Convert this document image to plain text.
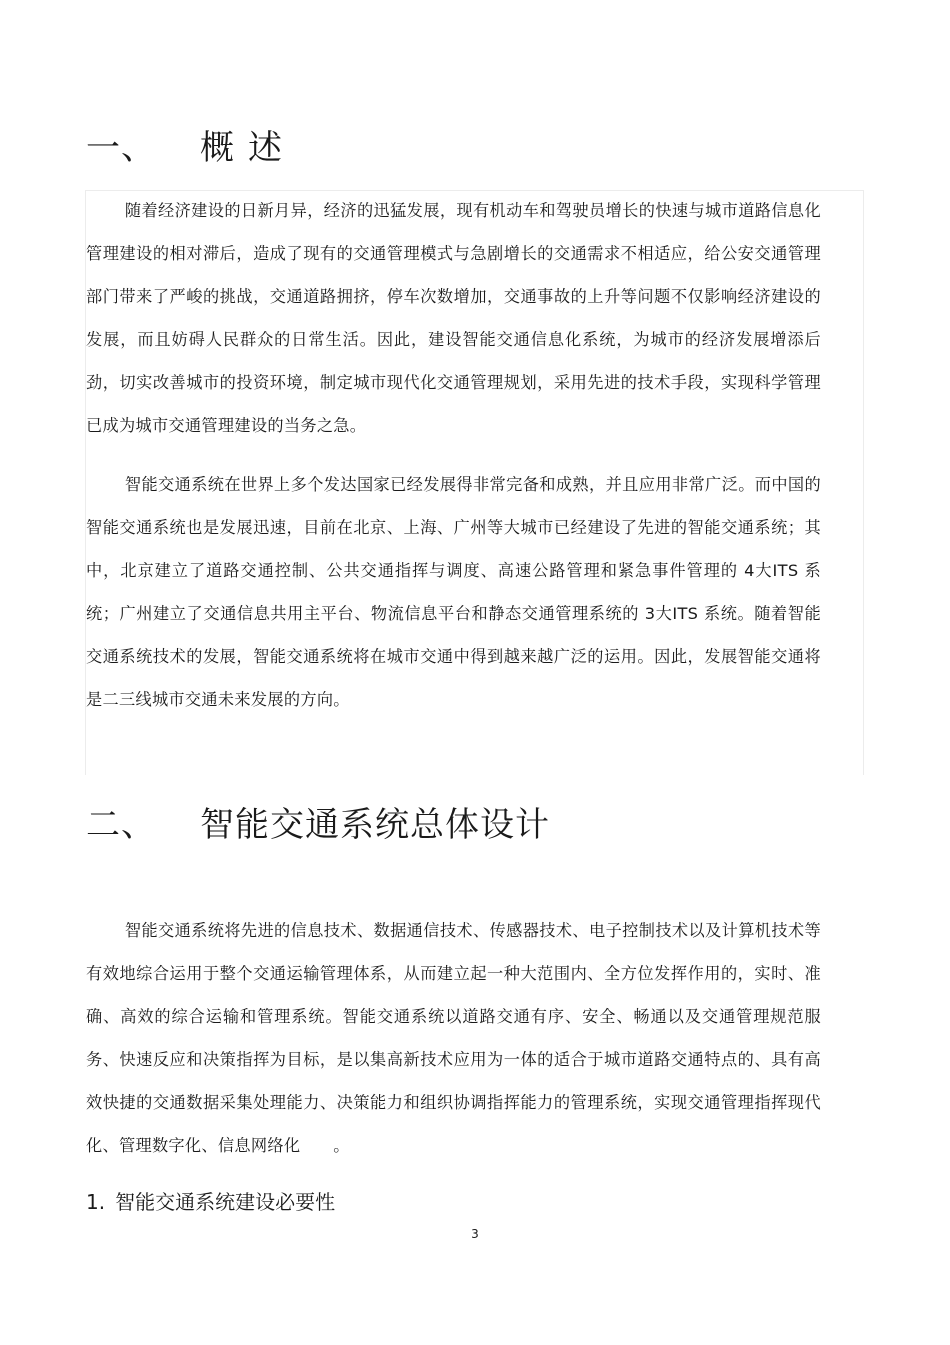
一、 概述

随着经济建设的日新月异，经济的迅猛发展，现有机动车和驾驶员增长的快速与城市道路信息化管理建设的相对滞后，造成了现有的交通管理模式与急剧增长的交通需求不相适应，给公安交通管理部门带来了严峻的挑战，交通道路拥挤，停车次数增加，交通事故的上升等问题不仅影响经济建设的发展，而且妨碍人民群众的日常生活。因此，建设智能交通信息化系统，为城市的经济发展增添后劲，切实改善城市的投资环境，制定城市现代化交通管理规划，采用先进的技术手段，实现科学管理已成为城市交通管理建设的当务之急。

智能交通系统在世界上多个发达国家已经发展得非常完备和成熟，并且应用非常广泛。而中国的智能交通系统也是发展迅速，目前在北京、上海、广州等大城市已经建设了先进的智能交通系统；其中，北京建立了道路交通控制、公共交通指挥与调度、高速公路管理和紧急事件管理的 4大ITS 系统；广州建立了交通信息共用主平台、物流信息平台和静态交通管理系统的 3大ITS 系统。随着智能交通系统技术的发展，智能交通系统将在城市交通中得到越来越广泛的运用。因此，发展智能交通将是二三线城市交通未来发展的方向。

二、 智能交通系统总体设计

智能交通系统将先进的信息技术、数据通信技术、传感器技术、电子控制技术以及计算机技术等有效地综合运用于整个交通运输管理体系，从而建立起一种大范围内、全方位发挥作用的，实时、准确、高效的综合运输和管理系统。智能交通系统以道路交通有序、安全、畅通以及交通管理规范服务、快速反应和决策指挥为目标，是以集高新技术应用为一体的适合于城市道路交通特点的、具有高效快捷的交通数据采集处理能力、决策能力和组织协调指挥能力的管理系统，实现交通管理指挥现代化、管理数字化、信息网络化　　。

1. 智能交通系统建设必要性
3
